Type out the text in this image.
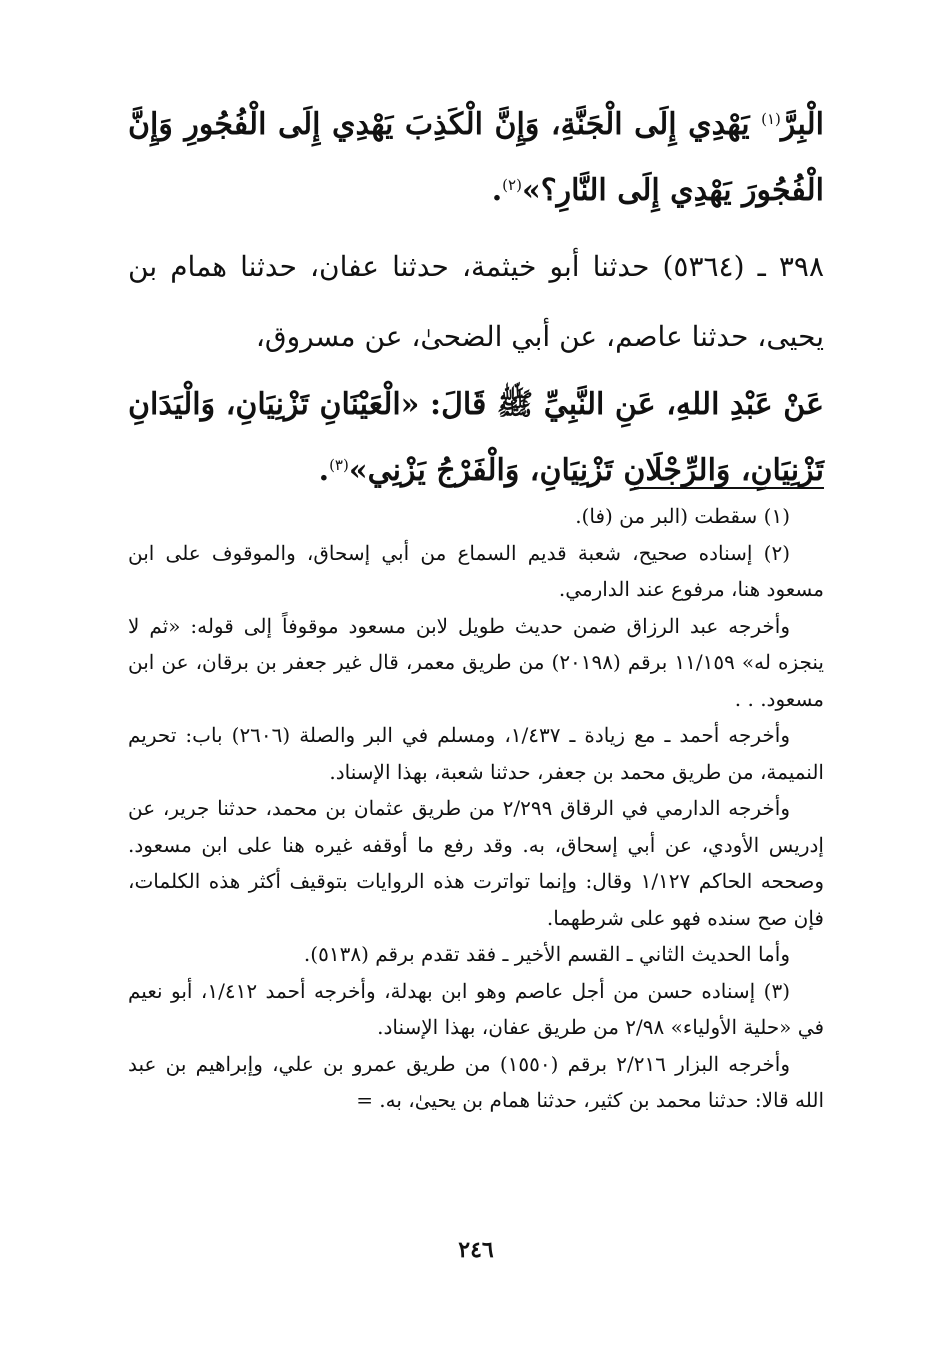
الْبِرَّ$^{(١)}$ يَهْدِي إِلَى الْجَنَّةِ، وَإِنَّ الْكَذِبَ يَهْدِي إِلَى الْفُجُورِ وَإِنَّ الْفُجُورَ يَهْدِي إِلَى النَّارِ؟»$^{(٢)}$.

٣٩٨ ـ (٥٣٦٤) حدثنا أبو خيثمة، حدثنا عفان، حدثنا همام بن يحيى، حدثنا عاصم، عن أبي الضحىٰ، عن مسروق،

عَنْ عَبْدِ اللهِ، عَنِ النَّبِيِّ ﷺ قَالَ: «الْعَيْنَانِ تَزْنِيَانِ، وَالْيَدَانِ تَزْنِيَانِ، وَالرِّجْلَانِ تَزْنِيَانِ، وَالْفَرْجُ يَزْنِي»$^{(٣)}$.

(١) سقطت (البر من (فا).

(٢) إسناده صحيح، شعبة قديم السماع من أبي إسحاق، والموقوف على ابن مسعود هنا، مرفوع عند الدارمي.

وأخرجه عبد الرزاق ضمن حديث طويل لابن مسعود موقوفاً إلى قوله: «ثم لا ينجزه له» ١١/١٥٩ برقم (٢٠١٩٨) من طريق معمر، قال غير جعفر بن برقان، عن ابن مسعود. . .

وأخرجه أحمد ـ مع زيادة ـ ١/٤٣٧، ومسلم في البر والصلة (٢٦٠٦) باب: تحريم النميمة، من طريق محمد بن جعفر، حدثنا شعبة، بهذا الإسناد.

وأخرجه الدارمي في الرقاق ٢/٢٩٩ من طريق عثمان بن محمد، حدثنا جرير، عن إدريس الأودي، عن أبي إسحاق، به. وقد رفع ما أوقفه غيره هنا على ابن مسعود. وصححه الحاكم ١/١٢٧ وقال: وإنما تواترت هذه الروايات بتوقيف أكثر هذه الكلمات، فإن صح سنده فهو على شرطهما.

وأما الحديث الثاني ـ القسم الأخير ـ فقد تقدم برقم (٥١٣٨).

(٣) إسناده حسن من أجل عاصم وهو ابن بهدلة، وأخرجه أحمد ١/٤١٢، أبو نعيم في «حلية الأولياء» ٢/٩٨ من طريق عفان، بهذا الإسناد.

وأخرجه البزار ٢/٢١٦ برقم (١٥٥٠) من طريق عمرو بن علي، وإبراهيم بن عبد الله قالا: حدثنا محمد بن كثير، حدثنا همام بن يحيىٰ، به. =

٢٤٦
